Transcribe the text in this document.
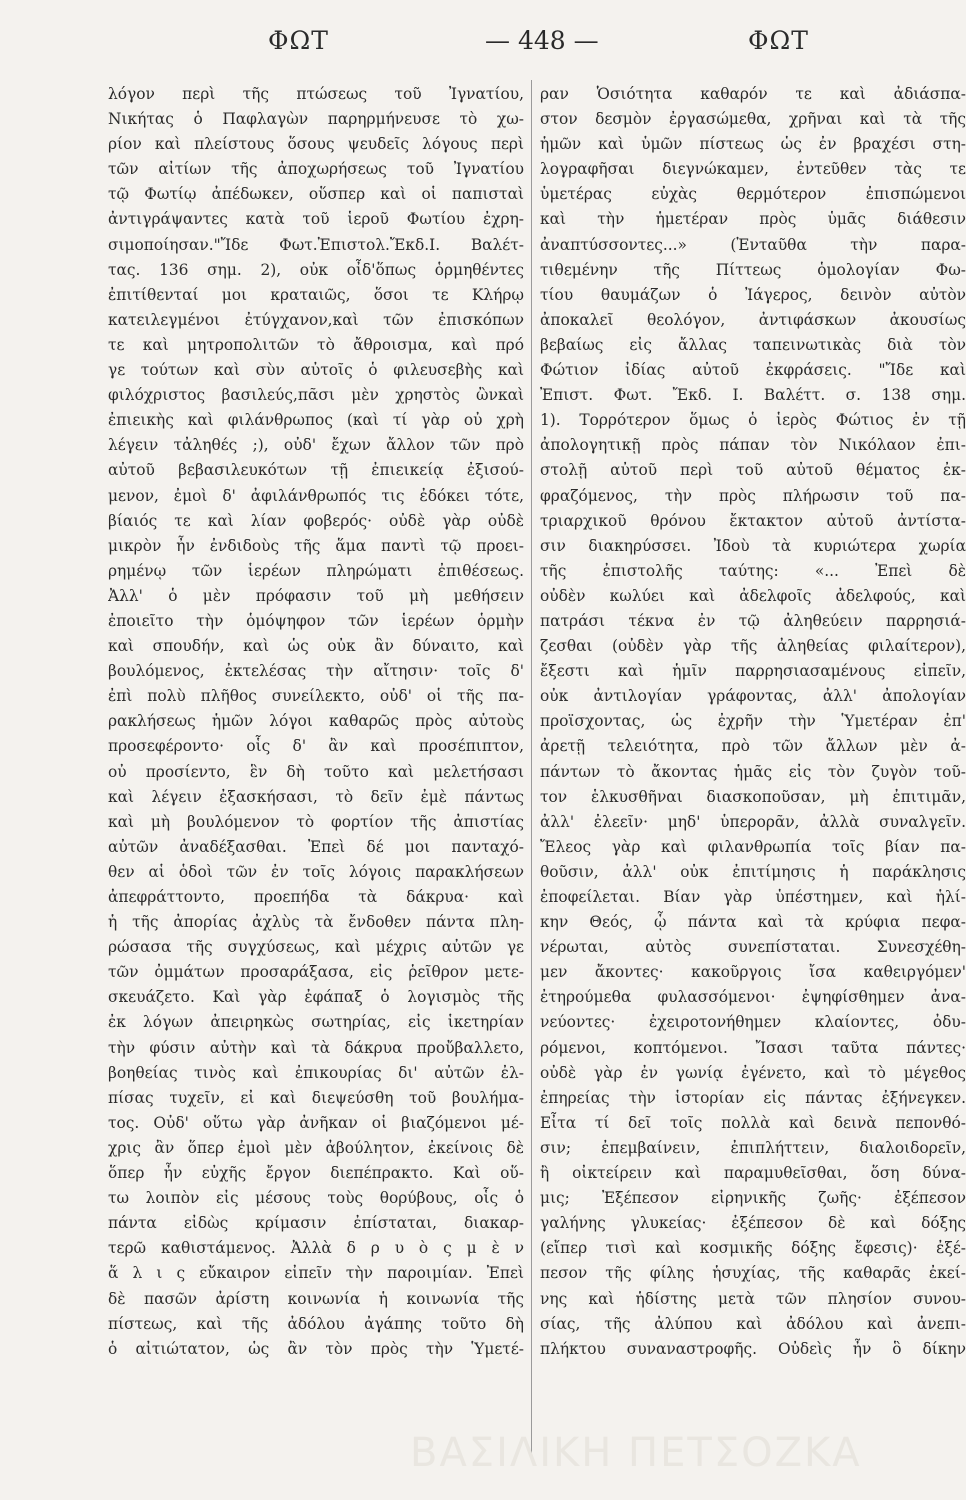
ΦΩΤ	— 448 —	ΦΩΤ
λόγον περὶ τῆς πτώσεως τοῦ Ἰγνατίου,
Νικήτας ὁ Παφλαγὼν παρηρμήνευσε τὸ χω-
ρίον καὶ πλείστους ὅσους ψευδεῖς λόγους περὶ
τῶν αἰτίων τῆς ἀποχωρήσεως τοῦ Ἰγνατίου
τῷ Φωτίῳ ἀπέδωκεν, οὕσπερ καὶ οἱ παπισταὶ
ἀντιγράψαντες κατὰ τοῦ ἱεροῦ Φωτίου ἐχρη-
σιμοποίησαν."Ἴδε Φωτ.Ἐπιστολ.Ἔκδ.Ι. Βαλέτ-
τας. 136 σημ. 2), οὐκ οἶδ'ὅπως ὁρμηθέντες
ἐπιτίθενταί μοι κραταιῶς, ὅσοι τε Κλήρῳ
κατειλεγμένοι ἐτύγχανον,καὶ τῶν ἐπισκόπων
τε καὶ μητροπολιτῶν τὸ ἄθροισμα, καὶ πρό
γε τούτων καὶ σὺν αὐτοῖς ὁ φιλευσεβὴς καὶ
φιλόχριστος βασιλεύς,πᾶσι μὲν χρηστὸς ὢνκαὶ
ἐπιεικὴς καὶ φιλάνθρωπος (καὶ τί γὰρ οὐ χρὴ
λέγειν τἀληθές ;), οὐδ' ἔχων ἄλλον τῶν πρὸ
αὐτοῦ βεβασιλευκότων τῇ ἐπιεικείᾳ ἐξισού-
μενον, ἐμοὶ δ' ἀφιλάνθρωπός τις ἐδόκει τότε,
βίαιός τε καὶ λίαν φοβερός· οὐδὲ γὰρ οὐδὲ
μικρὸν ἦν ἐνδιδοὺς τῆς ἅμα παντὶ τῷ προει-
ρημένῳ τῶν ἱερέων πληρώματι ἐπιθέσεως.
Ἀλλ' ὁ μὲν πρόφασιν τοῦ μὴ μεθήσειν
ἐποιεῖτο τὴν ὁμόψηφον τῶν ἱερέων ὁρμὴν
καὶ σπουδήν, καὶ ὡς οὐκ ἂν δύναιτο, καὶ
βουλόμενος, ἐκτελέσας τὴν αἴτησιν· τοῖς δ'
ἐπὶ πολὺ πλῆθος συνείλεκτο, οὐδ' οἱ τῆς πα-
ρακλήσεως ἡμῶν λόγοι καθαρῶς πρὸς αὐτοὺς
προσεφέροντο· οἷς δ' ἂν καὶ προσέπιπτον,
οὐ προσίεντο, ἓν δὴ τοῦτο καὶ μελετήσασι
καὶ λέγειν ἐξασκήσασι, τὸ δεῖν ἐμὲ πάντως
καὶ μὴ βουλόμενον τὸ φορτίον τῆς ἀπιστίας
αὐτῶν ἀναδέξασθαι. Ἐπεὶ δέ μοι πανταχό-
θεν αἱ ὁδοὶ τῶν ἐν τοῖς λόγοις παρακλήσεων
ἀπεφράττοντο, προεπήδα τὰ δάκρυα· καὶ
ἡ τῆς ἀπορίας ἀχλὺς τὰ ἔνδοθεν πάντα πλη-
ρώσασα τῆς συγχύσεως, καὶ μέχρις αὐτῶν γε
τῶν ὀμμάτων προσαράξασα, εἰς ῥεῖθρον μετε-
σκευάζετο. Καὶ γὰρ ἐφάπαξ ὁ λογισμὸς τῆς
ἐκ λόγων ἀπειρηκὼς σωτηρίας, εἰς ἱκετηρίαν
τὴν φύσιν αὐτὴν καὶ τὰ δάκρυα προὔβαλλετο,
βοηθείας τινὸς καὶ ἐπικουρίας δι' αὐτῶν ἐλ-
πίσας τυχεῖν, εἰ καὶ διεψεύσθη τοῦ βουλήμα-
τος. Οὐδ' οὕτω γὰρ ἀνῆκαν οἱ βιαζόμενοι μέ-
χρις ἂν ὅπερ ἐμοὶ μὲν ἀβούλητον, ἐκείνοις δὲ
ὅπερ ἦν εὐχῆς ἔργον διεπέπρακτο. Καὶ οὕ-
τω λοιπὸν εἰς μέσους τοὺς θορύβους, οἷς ὁ
πάντα εἰδὼς κρίμασιν ἐπίσταται, διακαρ-
τερῶ καθιστάμενος. Ἀλλὰ δ ρ υ ὸ ς μ ὲ ν
ἅ λ ι ς εὔκαιρον εἰπεῖν τὴν παροιμίαν. Ἐπεὶ
δὲ πασῶν ἀρίστη κοινωνία ἡ κοινωνία τῆς
πίστεως, καὶ τῆς ἀδόλου ἀγάπης τοῦτο δὴ
ὁ αἰτιώτατον, ὡς ἂν τὸν πρὸς τὴν Ὑμετέ-
ραν Ὁσιότητα καθαρόν τε καὶ ἀδιάσπα-
στον δεσμὸν ἐργασώμεθα, χρῆναι καὶ τὰ τῆς
ἡμῶν καὶ ὑμῶν πίστεως ὡς ἐν βραχέσι στη-
λογραφῆσαι διεγνώκαμεν, ἐντεῦθεν τὰς τε
ὑμετέρας εὐχὰς θερμότερον ἐπισπώμενοι
καὶ τὴν ἡμετέραν πρὸς ὑμᾶς διάθεσιν
ἀναπτύσσοντες...» (Ἐνταῦθα τὴν παρα-
τιθεμένην τῆς Πίττεως ὁμολογίαν Φω-
τίου θαυμάζων ὁ Ἰάγερος, δεινὸν αὐτὸν
ἀποκαλεῖ θεολόγον, ἀντιφάσκων ἀκουσίως
βεβαίως εἰς ἄλλας ταπεινωτικὰς διὰ τὸν
Φώτιον ἰδίας αὐτοῦ ἐκφράσεις. "Ἴδε καὶ
Ἐπιστ. Φωτ. Ἔκδ. Ι. Βαλέττ. σ. 138 σημ.
1). Τορρότερον ὅμως ὁ ἱερὸς Φώτιος ἐν τῇ
ἀπολογητικῇ πρὸς πάπαν τὸν Νικόλαον ἐπι-
στολῇ αὐτοῦ περὶ τοῦ αὐτοῦ θέματος ἐκ-
φραζόμενος, τὴν πρὸς πλήρωσιν τοῦ πα-
τριαρχικοῦ θρόνου ἔκτακτον αὐτοῦ ἀντίστα-
σιν διακηρύσσει. Ἰδοὺ τὰ κυριώτερα χωρία
τῆς ἐπιστολῆς ταύτης: «... Ἐπεὶ δὲ
οὐδὲν κωλύει καὶ ἀδελφοῖς ἀδελφούς, καὶ
πατράσι τέκνα ἐν τῷ ἀληθεύειν παρρησιά-
ζεσθαι (οὐδὲν γὰρ τῆς ἀληθείας φιλαίτερον),
ἔξεστι καὶ ἡμῖν παρρησιασαμένους εἰπεῖν,
οὐκ ἀντιλογίαν γράφοντας, ἀλλ' ἀπολογίαν
προϊσχοντας, ὡς ἐχρῆν τὴν Ὑμετέραν ἐπ'
ἀρετῇ τελειότητα, πρὸ τῶν ἄλλων μὲν ἀ-
πάντων τὸ ἄκοντας ἡμᾶς εἰς τὸν ζυγὸν τοῦ-
τον ἑλκυσθῆναι διασκοποῦσαν, μὴ ἐπιτιμᾶν,
ἀλλ' ἐλεεῖν· μηδ' ὑπερορᾶν, ἀλλὰ συναλγεῖν.
Ἔλεος γὰρ καὶ φιλανθρωπία τοῖς βίαν πα-
θοῦσιν, ἀλλ' οὐκ ἐπιτίμησις ἡ παράκλησις
ἐποφείλεται. Βίαν γὰρ ὑπέστημεν, καὶ ἡλί-
κην Θεός, ᾧ πάντα καὶ τὰ κρύφια πεφα-
νέρωται, αὐτὸς συνεπίσταται. Συνεσχέθη-
μεν ἄκοντες· κακοῦργοις ἴσα καθειργόμεν'
ἐτηρούμεθα φυλασσόμενοι· ἐψηφίσθημεν ἀνα-
νεύοντες· ἐχειροτονήθημεν κλαίοντες, ὀδυ-
ρόμενοι, κοπτόμενοι. Ἴσασι ταῦτα πάντες·
οὐδὲ γὰρ ἐν γωνίᾳ ἐγένετο, καὶ τὸ μέγεθος
ἐπηρείας τὴν ἱστορίαν εἰς πάντας ἐξήνεγκεν.
Εἶτα τί δεῖ τοῖς πολλὰ καὶ δεινὰ πεπονθό-
σιν; ἐπεμβαίνειν, ἐπιπλήττειν, διαλοιδορεῖν,
ἢ οἰκτείρειν καὶ παραμυθεῖσθαι, ὅση δύνα-
μις; Ἐξέπεσον εἰρηνικῆς ζωῆς· ἐξέπεσον
γαλήνης γλυκείας· ἐξέπεσον δὲ καὶ δόξης
(εἴπερ τισὶ καὶ κοσμικῆς δόξης ἔφεσις)· ἐξέ-
πεσον τῆς φίλης ἡσυχίας, τῆς καθαρᾶς ἐκεί-
νης καὶ ἡδίστης μετὰ τῶν πλησίον συνου-
σίας, τῆς ἀλύπου καὶ ἀδόλου καὶ ἀνεπι-
πλήκτου συναναστροφῆς. Οὐδεὶς ἦν ὃ δίκην
ΒΑΣΙΛΙΚΗ ΠΕΤΣΟΖΚΑ
